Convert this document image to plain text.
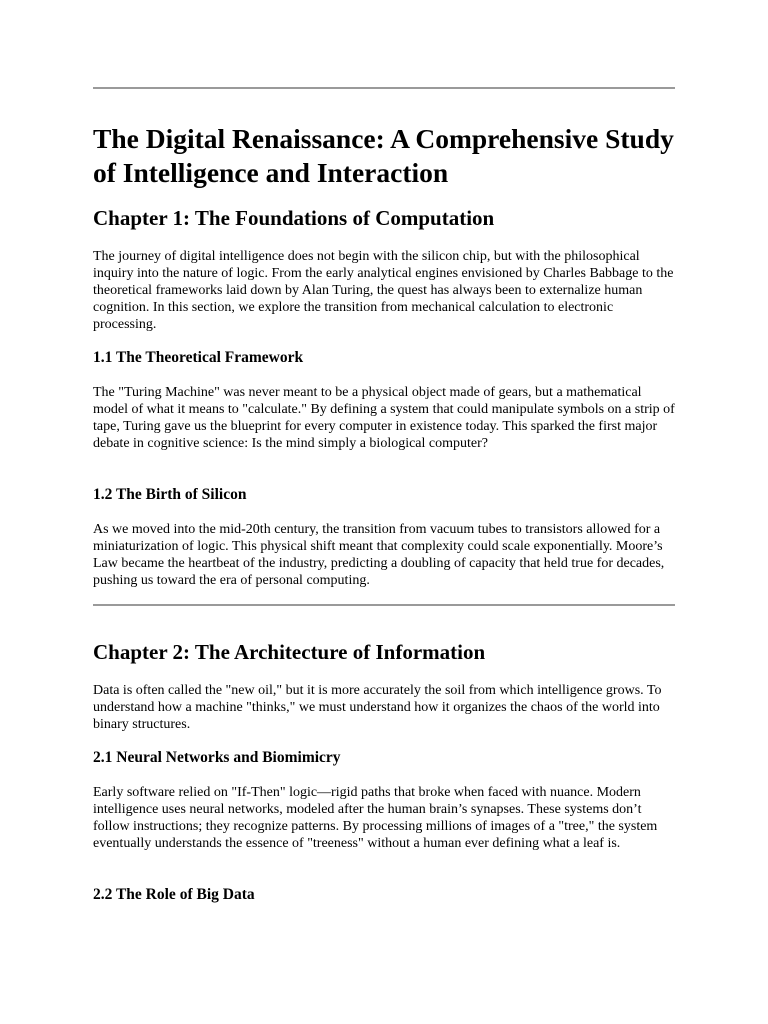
The Digital Renaissance: A Comprehensive Study of Intelligence and Interaction
Chapter 1: The Foundations of Computation

The journey of digital intelligence does not begin with the silicon chip, but with the philosophical inquiry into the nature of logic. From the early analytical engines envisioned by Charles Babbage to the theoretical frameworks laid down by Alan Turing, the quest has always been to externalize human cognition. In this section, we explore the transition from mechanical calculation to electronic processing.

1.1 The Theoretical Framework

The "Turing Machine" was never meant to be a physical object made of gears, but a mathematical model of what it means to "calculate." By defining a system that could manipulate symbols on a strip of tape, Turing gave us the blueprint for every computer in existence today. This sparked the first major debate in cognitive science: Is the mind simply a biological computer?

1.2 The Birth of Silicon

As we moved into the mid-20th century, the transition from vacuum tubes to transistors allowed for a miniaturization of logic. This physical shift meant that complexity could scale exponentially. Moore’s Law became the heartbeat of the industry, predicting a doubling of capacity that held true for decades, pushing us toward the era of personal computing.

Chapter 2: The Architecture of Information

Data is often called the "new oil," but it is more accurately the soil from which intelligence grows. To understand how a machine "thinks," we must understand how it organizes the chaos of the world into binary structures.

2.1 Neural Networks and Biomimicry

Early software relied on "If-Then" logic—rigid paths that broke when faced with nuance. Modern intelligence uses neural networks, modeled after the human brain’s synapses. These systems don’t follow instructions; they recognize patterns. By processing millions of images of a "tree," the system eventually understands the essence of "treeness" without a human ever defining what a leaf is.

2.2 The Role of Big Data
